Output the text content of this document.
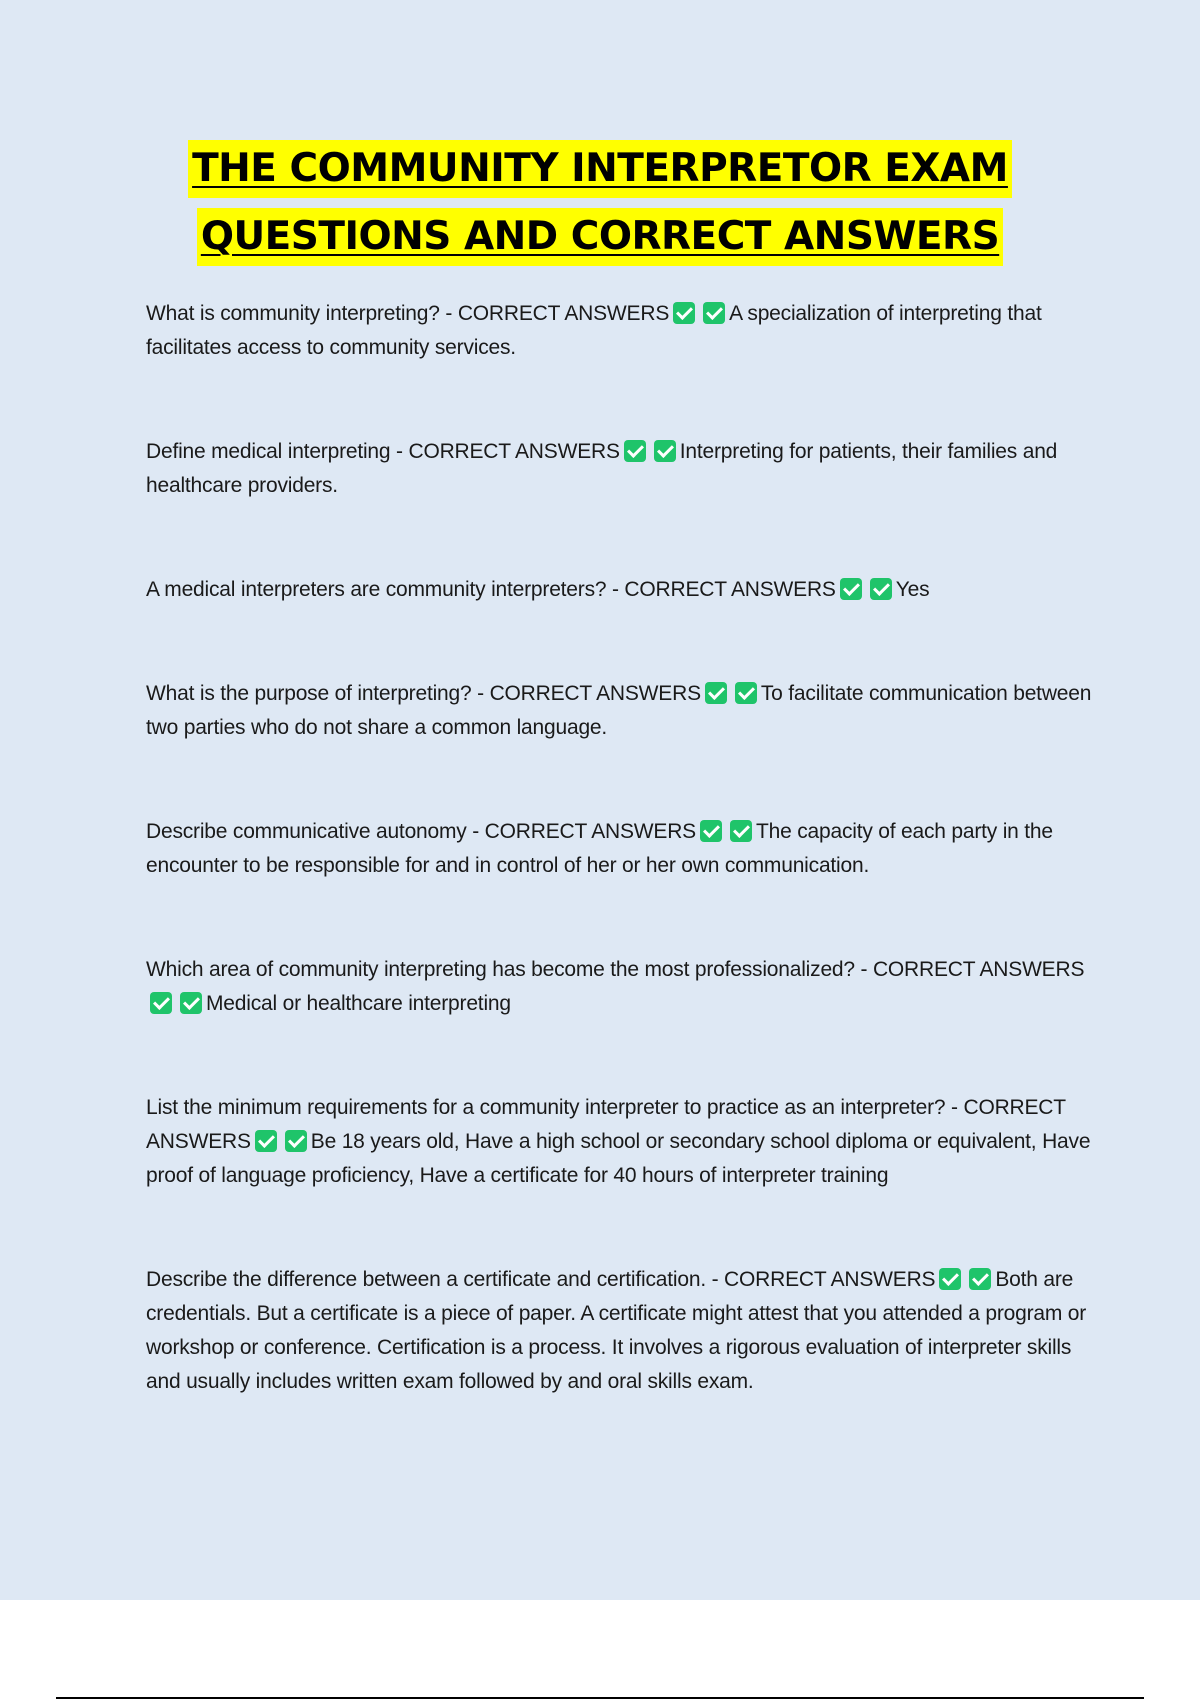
THE COMMUNITY INTERPRETOR EXAM
QUESTIONS AND CORRECT ANSWERS

What is community interpreting? - CORRECT ANSWERS	A specialization of interpreting that facilitates access to community services.

Define medical interpreting - CORRECT ANSWERS	Interpreting for patients, their families and healthcare providers.

A medical interpreters are community interpreters? - CORRECT ANSWERS	Yes

What is the purpose of interpreting? - CORRECT ANSWERS	To facilitate communication between two parties who do not share a common language.

Describe communicative autonomy - CORRECT ANSWERS	The capacity of each party in the encounter to be responsible for and in control of her or her own communication.

Which area of community interpreting has become the most professionalized? - CORRECT ANSWERSMedical or healthcare interpreting

List the minimum requirements for a community interpreter to practice as an interpreter? - CORRECT ANSWERS	Be 18 years old, Have a high school or secondary school diploma or equivalent, Have proof of language proficiency, Have a certificate for 40 hours of interpreter training

Describe the difference between a certificate and certification. - CORRECT ANSWERS	Both are credentials. But a certificate is a piece of paper. A certificate might attest that you attended a program or workshop or conference. Certification is a process. It involves a rigorous evaluation of interpreter skills and usually includes written exam followed by and oral skills exam.
